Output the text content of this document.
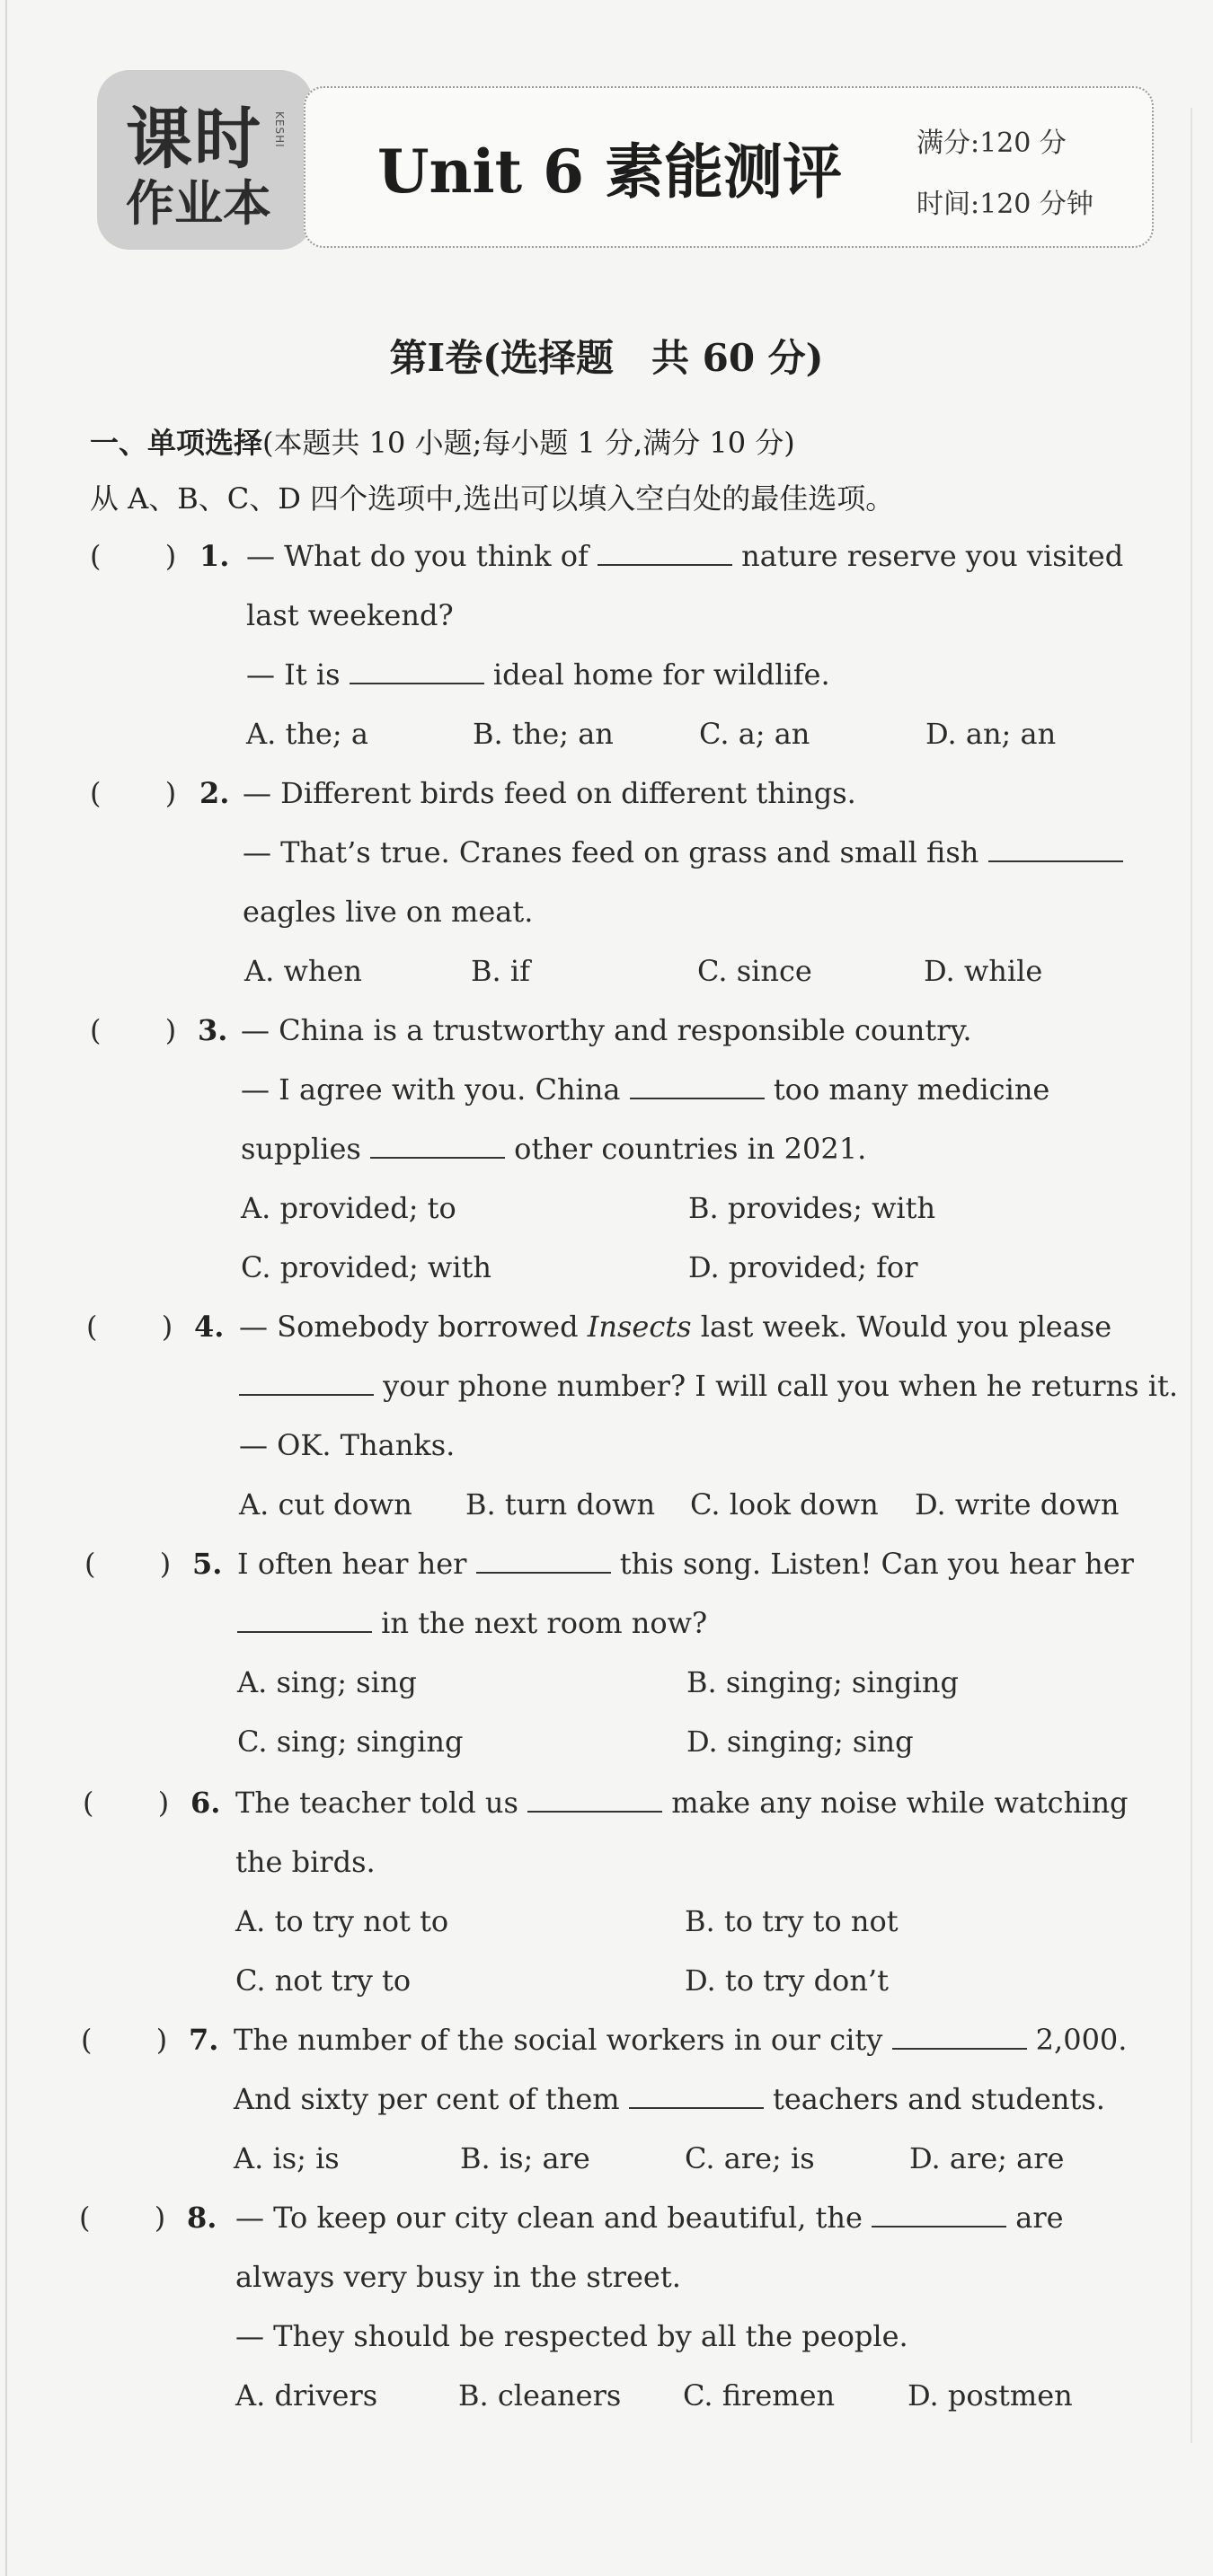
课时
作业本
KESHI
Unit 6 素能测评	满分:120 分
时间:120 分钟
第Ⅰ卷(选择题　共 60 分)
一、单项选择(本题共 10 小题;每小题 1 分,满分 10 分)
从 A、B、C、D 四个选项中,选出可以填入空白处的最佳选项。
(       ) 1. — What do you think of	nature reserve you visited
last weekend?
— It is	ideal home for wildlife.
A. the; a	B. the; an	C. a; an	D. an; an
(       ) 2. — Different birds feed on different things.
— That’s true. Cranes feed on grass and small fish
eagles live on meat.
A. when	B. if	C. since	D. while
(       ) 3. — China is a trustworthy and responsible country.
— I agree with you. China	too many medicine
supplies	other countries in 2021.
A. provided; to	B. provides; with
C. provided; with	D. provided; for
(       ) 4. — Somebody borrowed Insects last week. Would you please
your phone number? I will call you when he returns it.
— OK. Thanks.
A. cut down B. turn down C. look down D. write down
(       ) 5. I often hear her	this song. Listen! Can you hear her
in the next room now?
A. sing; sing	B. singing; singing
C. sing; singing	D. singing; sing
(       ) 6. The teacher told us	make any noise while watching
the birds.
A. to try not to	B. to try to not
C. not try to	D. to try don’t
(       ) 7. The number of the social workers in our city	2,000.
And sixty per cent of them	teachers and students.
A. is; is	B. is; are	C. are; is	D. are; are
(       ) 8. — To keep our city clean and beautiful, the	are
always very busy in the street.
— They should be respected by all the people.
A. drivers	B. cleaners C. firemen	D. postmen
